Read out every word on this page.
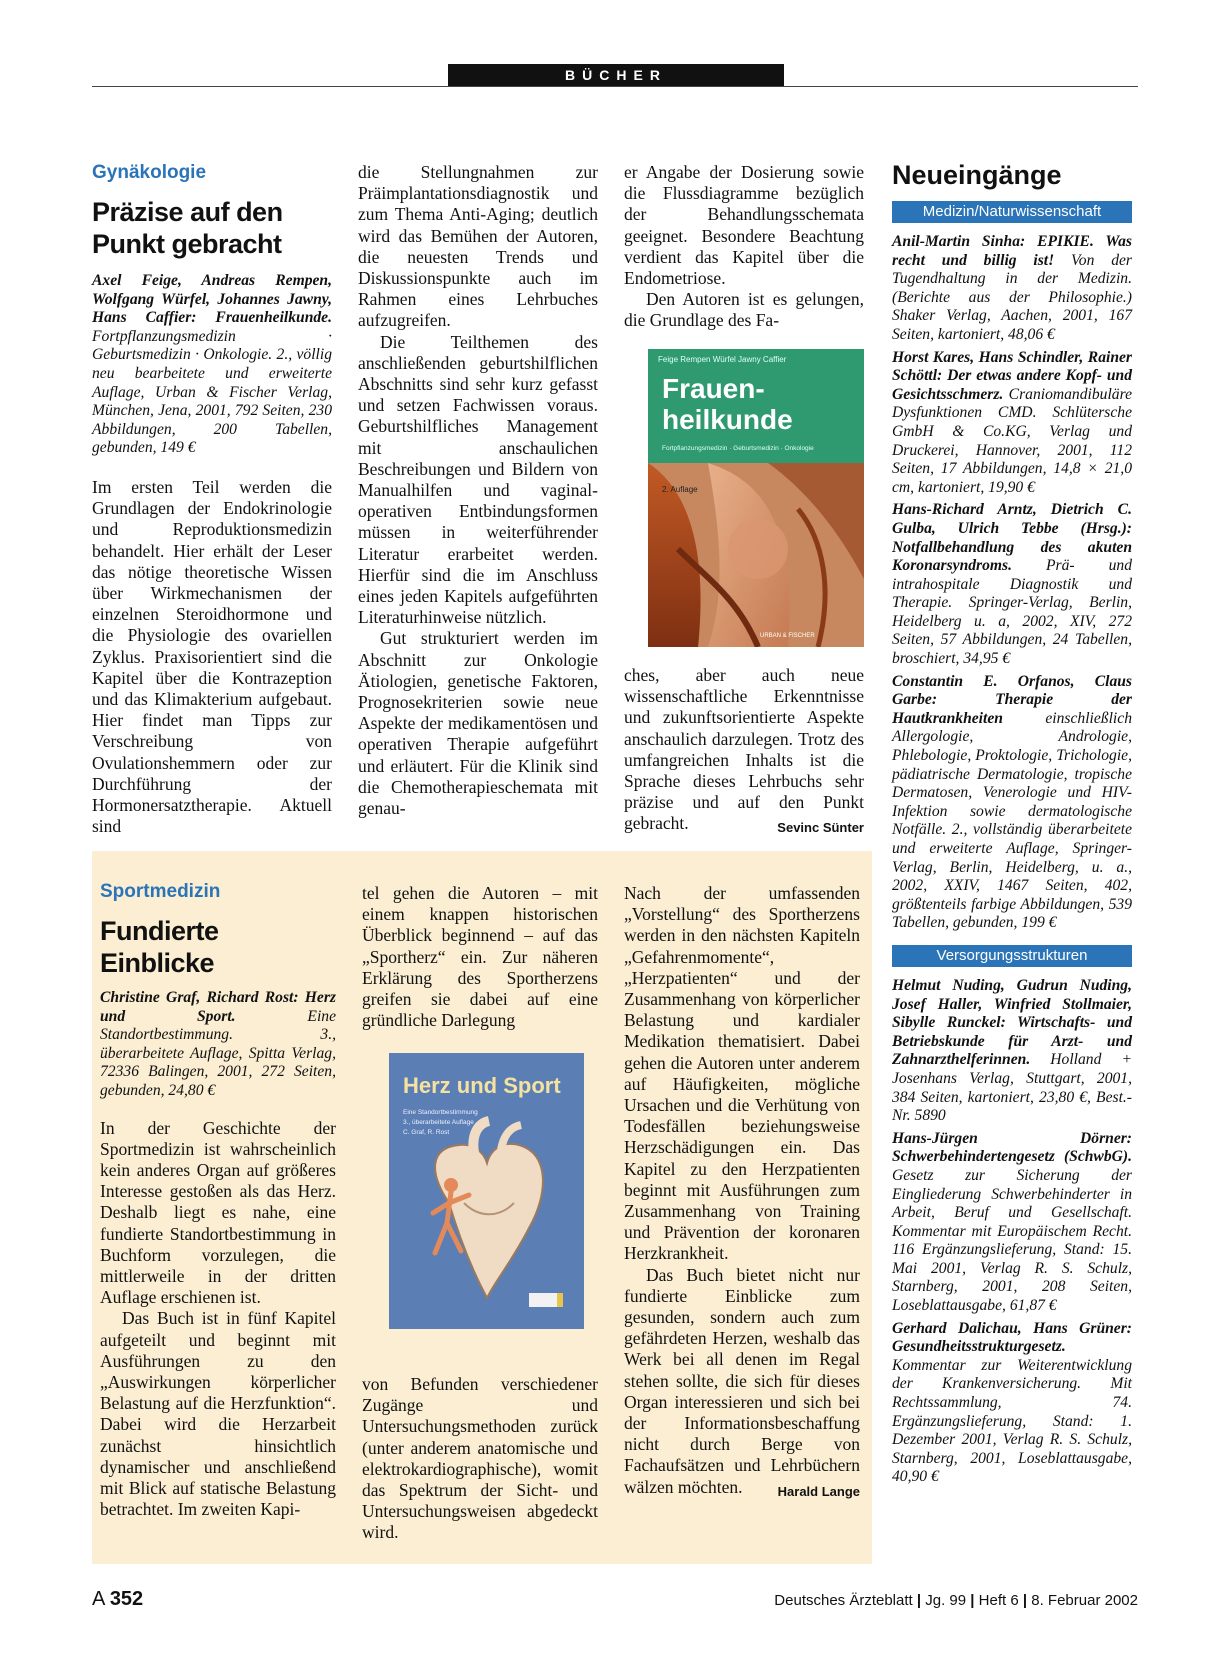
BÜCHER
Gynäkologie
Präzise auf den
Punkt gebracht
Axel Feige, Andreas Rempen, Wolfgang Würfel, Johannes Jawny, Hans Caffier: Frauenheilkunde. Fortpflanzungsmedizin · Geburtsmedizin · Onkologie. 2., völlig neu bearbeitete und erweiterte Auflage, Urban & Fischer Verlag, München, Jena, 2001, 792 Seiten, 230 Abbildungen, 200 Tabellen, gebunden, 149 €

Im ersten Teil werden die Grundlagen der Endokrinologie und Reproduktionsmedizin behandelt. Hier erhält der Leser das nötige theoretische Wissen über Wirkmechanismen der einzelnen Steroidhormone und die Physiologie des ovariellen Zyklus. Praxisorientiert sind die Kapitel über die Kontrazeption und das Klimakterium aufgebaut. Hier findet man Tipps zur Verschreibung von Ovulationshemmern oder zur Durchführung der Hormonersatztherapie. Aktuell sind

die Stellungnahmen zur Präimplantationsdiagnostik und zum Thema Anti-Aging; deutlich wird das Bemühen der Autoren, die neuesten Trends und Diskussionspunkte auch im Rahmen eines Lehrbuches aufzugreifen.

Die Teilthemen des anschließenden geburtshilflichen Abschnitts sind sehr kurz gefasst und setzen Fachwissen voraus. Geburtshilfliches Management mit anschaulichen Beschreibungen und Bildern von Manualhilfen und vaginal-operativen Entbindungsformen müssen in weiterführender Literatur erarbeitet werden. Hierfür sind die im Anschluss eines jeden Kapitels aufgeführten Literaturhinweise nützlich.

Gut strukturiert werden im Abschnitt zur Onkologie Ätiologien, genetische Faktoren, Prognosekriterien sowie neue Aspekte der medikamentösen und operativen Therapie aufgeführt und erläutert. Für die Klinik sind die Chemotherapieschemata mit genau-

er Angabe der Dosierung sowie die Flussdiagramme bezüglich der Behandlungsschemata geeignet. Besondere Beachtung verdient das Kapitel über die Endometriose.

Den Autoren ist es gelungen, die Grundlage des Fa-

Feige Rempen Würfel Jawny Caffier
Frauen-
heilkunde
Fortpflanzungsmedizin · Geburtsmedizin · Onkologie
2. Auflage
URBAN & FISCHER
ches, aber auch neue wissenschaftliche Erkenntnisse und zukunftsorientierte Aspekte anschaulich darzulegen. Trotz des umfangreichen Inhalts ist die Sprache dieses Lehrbuchs sehr präzise und auf den Punkt gebracht.	Sevinc Sünter
Sportmedizin
Fundierte
Einblicke
Christine Graf, Richard Rost: Herz und Sport. Eine Standortbestimmung. 3., überarbeitete Auflage, Spitta Verlag, 72336 Balingen, 2001, 272 Seiten, gebunden, 24,80 €

In der Geschichte der Sportmedizin ist wahrscheinlich kein anderes Organ auf größeres Interesse gestoßen als das Herz. Deshalb liegt es nahe, eine fundierte Standortbestimmung in Buchform vorzulegen, die mittlerweile in der dritten Auflage erschienen ist.

Das Buch ist in fünf Kapitel aufgeteilt und beginnt mit Ausführungen zu den „Auswirkungen körperlicher Belastung auf die Herzfunktion“. Dabei wird die Herzarbeit zunächst hinsichtlich dynamischer und anschließend mit Blick auf statische Belastung betrachtet. Im zweiten Kapi-

tel gehen die Autoren – mit einem knappen historischen Überblick beginnend – auf das „Sportherz“ ein. Zur näheren Erklärung des Sportherzens greifen sie dabei auf eine gründliche Darlegung

Herz und Sport
Eine Standortbestimmung
3., überarbeitete Auflage
C. Graf, R. Rost

von Befunden verschiedener Zugänge und Untersuchungsmethoden zurück (unter anderem anatomische und elektrokardiographische), womit das Spektrum der Sicht- und Untersuchungsweisen abgedeckt wird.

Nach der umfassenden „Vorstellung“ des Sportherzens werden in den nächsten Kapiteln „Gefahrenmomente“, „Herzpatienten“ und der Zusammenhang von körperlicher Belastung und kardialer Medikation thematisiert. Dabei gehen die Autoren unter anderem auf Häufigkeiten, mögliche Ursachen und die Verhütung von Todesfällen beziehungsweise Herzschädigungen ein. Das Kapitel zu den Herzpatienten beginnt mit Ausführungen zum Zusammenhang von Training und Prävention der koronaren Herzkrankheit.

Das Buch bietet nicht nur fundierte Einblicke zum gesunden, sondern auch zum gefährdeten Herzen, weshalb das Werk bei all denen im Regal stehen sollte, die sich für dieses Organ interessieren und sich bei der Informationsbeschaffung nicht durch Berge von Fachaufsätzen und Lehrbüchern wälzen möchten.	Harald Lange

Neueingänge
Medizin/Naturwissenschaft
Anil-Martin Sinha: EPIKIE. Was recht und billig ist! Von der Tugendhaltung in der Medizin. (Berichte aus der Philosophie.) Shaker Verlag, Aachen, 2001, 167 Seiten, kartoniert, 48,06 €
Horst Kares, Hans Schindler, Rainer Schöttl: Der etwas andere Kopf- und Gesichtsschmerz. Craniomandibuläre Dysfunktionen CMD. Schlütersche GmbH & Co.KG, Verlag und Druckerei, Hannover, 2001, 112 Seiten, 17 Abbildungen, 14,8 × 21,0 cm, kartoniert, 19,90 €
Hans-Richard Arntz, Dietrich C. Gulba, Ulrich Tebbe (Hrsg.): Notfallbehandlung des akuten Koronarsyndroms. Prä- und intrahospitale Diagnostik und Therapie. Springer-Verlag, Berlin, Heidelberg u. a, 2002, XIV, 272 Seiten, 57 Abbildungen, 24 Tabellen, broschiert, 34,95 €
Constantin E. Orfanos, Claus Garbe: Therapie der Hautkrankheiten einschließlich Allergologie, Andrologie, Phlebologie, Proktologie, Trichologie, pädiatrische Dermatologie, tropische Dermatosen, Venerologie und HIV-Infektion sowie dermatologische Notfälle. 2., vollständig überarbeitete und erweiterte Auflage, Springer-Verlag, Berlin, Heidelberg, u. a., 2002, XXIV, 1467 Seiten, 402, größtenteils farbige Abbildungen, 539 Tabellen, gebunden, 199 €
Versorgungsstrukturen
Helmut Nuding, Gudrun Nuding, Josef Haller, Winfried Stollmaier, Sibylle Runckel: Wirtschafts- und Betriebskunde für Arzt- und Zahnarzthelferinnen. Holland + Josenhans Verlag, Stuttgart, 2001, 384 Seiten, kartoniert, 23,80 €, Best.-Nr. 5890
Hans-Jürgen Dörner: Schwerbehindertengesetz (SchwbG). Gesetz zur Sicherung der Eingliederung Schwerbehinderter in Arbeit, Beruf und Gesellschaft. Kommentar mit Europäischem Recht. 116 Ergänzungslieferung, Stand: 15. Mai 2001, Verlag R. S. Schulz, Starnberg, 2001, 208 Seiten, Loseblattausgabe, 61,87 €
Gerhard Dalichau, Hans Grüner: Gesundheitsstrukturgesetz. Kommentar zur Weiterentwicklung der Krankenversicherung. Mit Rechtssammlung, 74. Ergänzungslieferung, Stand: 1. Dezember 2001, Verlag R. S. Schulz, Starnberg, 2001, Loseblattausgabe, 40,90 €
A 352	Deutsches Ärzteblatt | Jg. 99 | Heft 6 | 8. Februar 2002
